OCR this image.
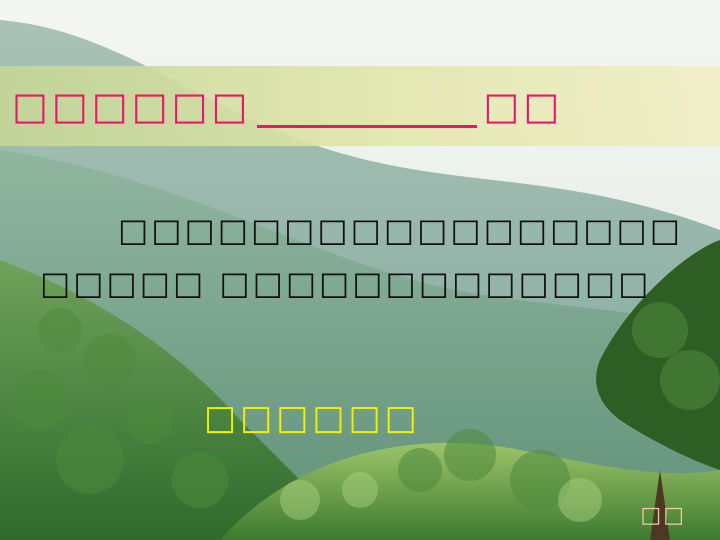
□□□□□□	□□
□□□□□□□□□□□□□□□□□
□□□□□ □□□□□□□□□□□□□
□□□□□□
□□
